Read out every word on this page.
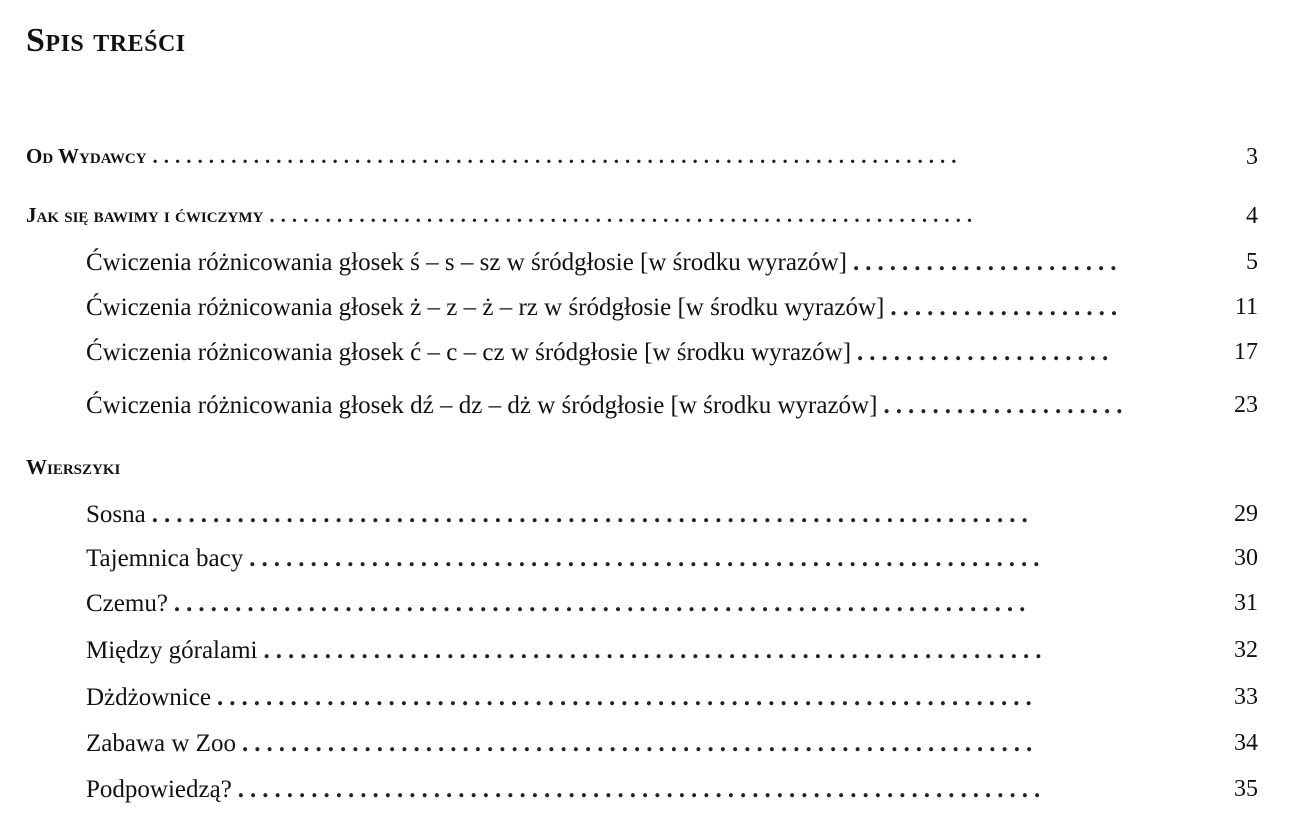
Spis treści
Od Wydawcy ........................................................................	3
Jak się bawimy i ćwiczymy ...............................................................	4
Ćwiczenia różnicowania głosek ś – s – sz w śródgłosie [w środku wyrazów] ......................	5
Ćwiczenia różnicowania głosek ż – z – ż – rz w śródgłosie [w środku wyrazów] ...................	11
Ćwiczenia różnicowania głosek ć – c – cz w śródgłosie [w środku wyrazów] .....................	17
Ćwiczenia różnicowania głosek dź – dz – dż w śródgłosie [w środku wyrazów] ....................	23
Wierszyki
Sosna ........................................................................	29
Tajemnica bacy .................................................................	30
Czemu? ......................................................................	31
Między góralami ................................................................	32
Dżdżownice ...................................................................	33
Zabawa w Zoo .................................................................	34
Podpowiedzą? ..................................................................	35
